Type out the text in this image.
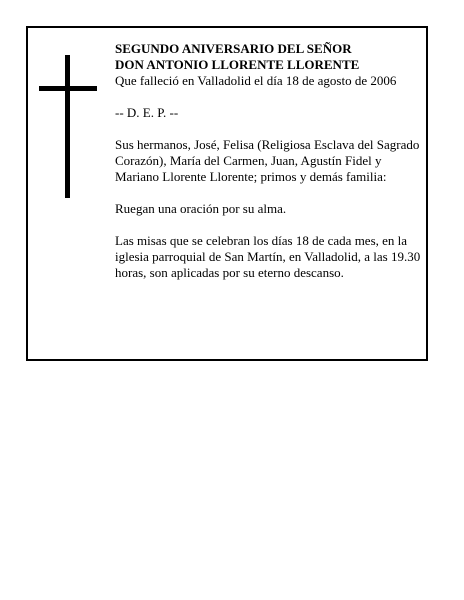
SEGUNDO ANIVERSARIO DEL SEÑOR
DON ANTONIO LLORENTE LLORENTE
Que falleció en Valladolid el día 18 de agosto de 2006

-- D. E. P. --

Sus hermanos, José, Felisa (Religiosa Esclava del Sagrado Corazón), María del Carmen, Juan, Agustín Fidel y Mariano Llorente Llorente; primos y demás familia:

Ruegan una oración por su alma.

Las misas que se celebran los días 18 de cada mes, en la iglesia parroquial de San Martín, en Valladolid, a las 19.30 horas, son aplicadas por su eterno descanso.
